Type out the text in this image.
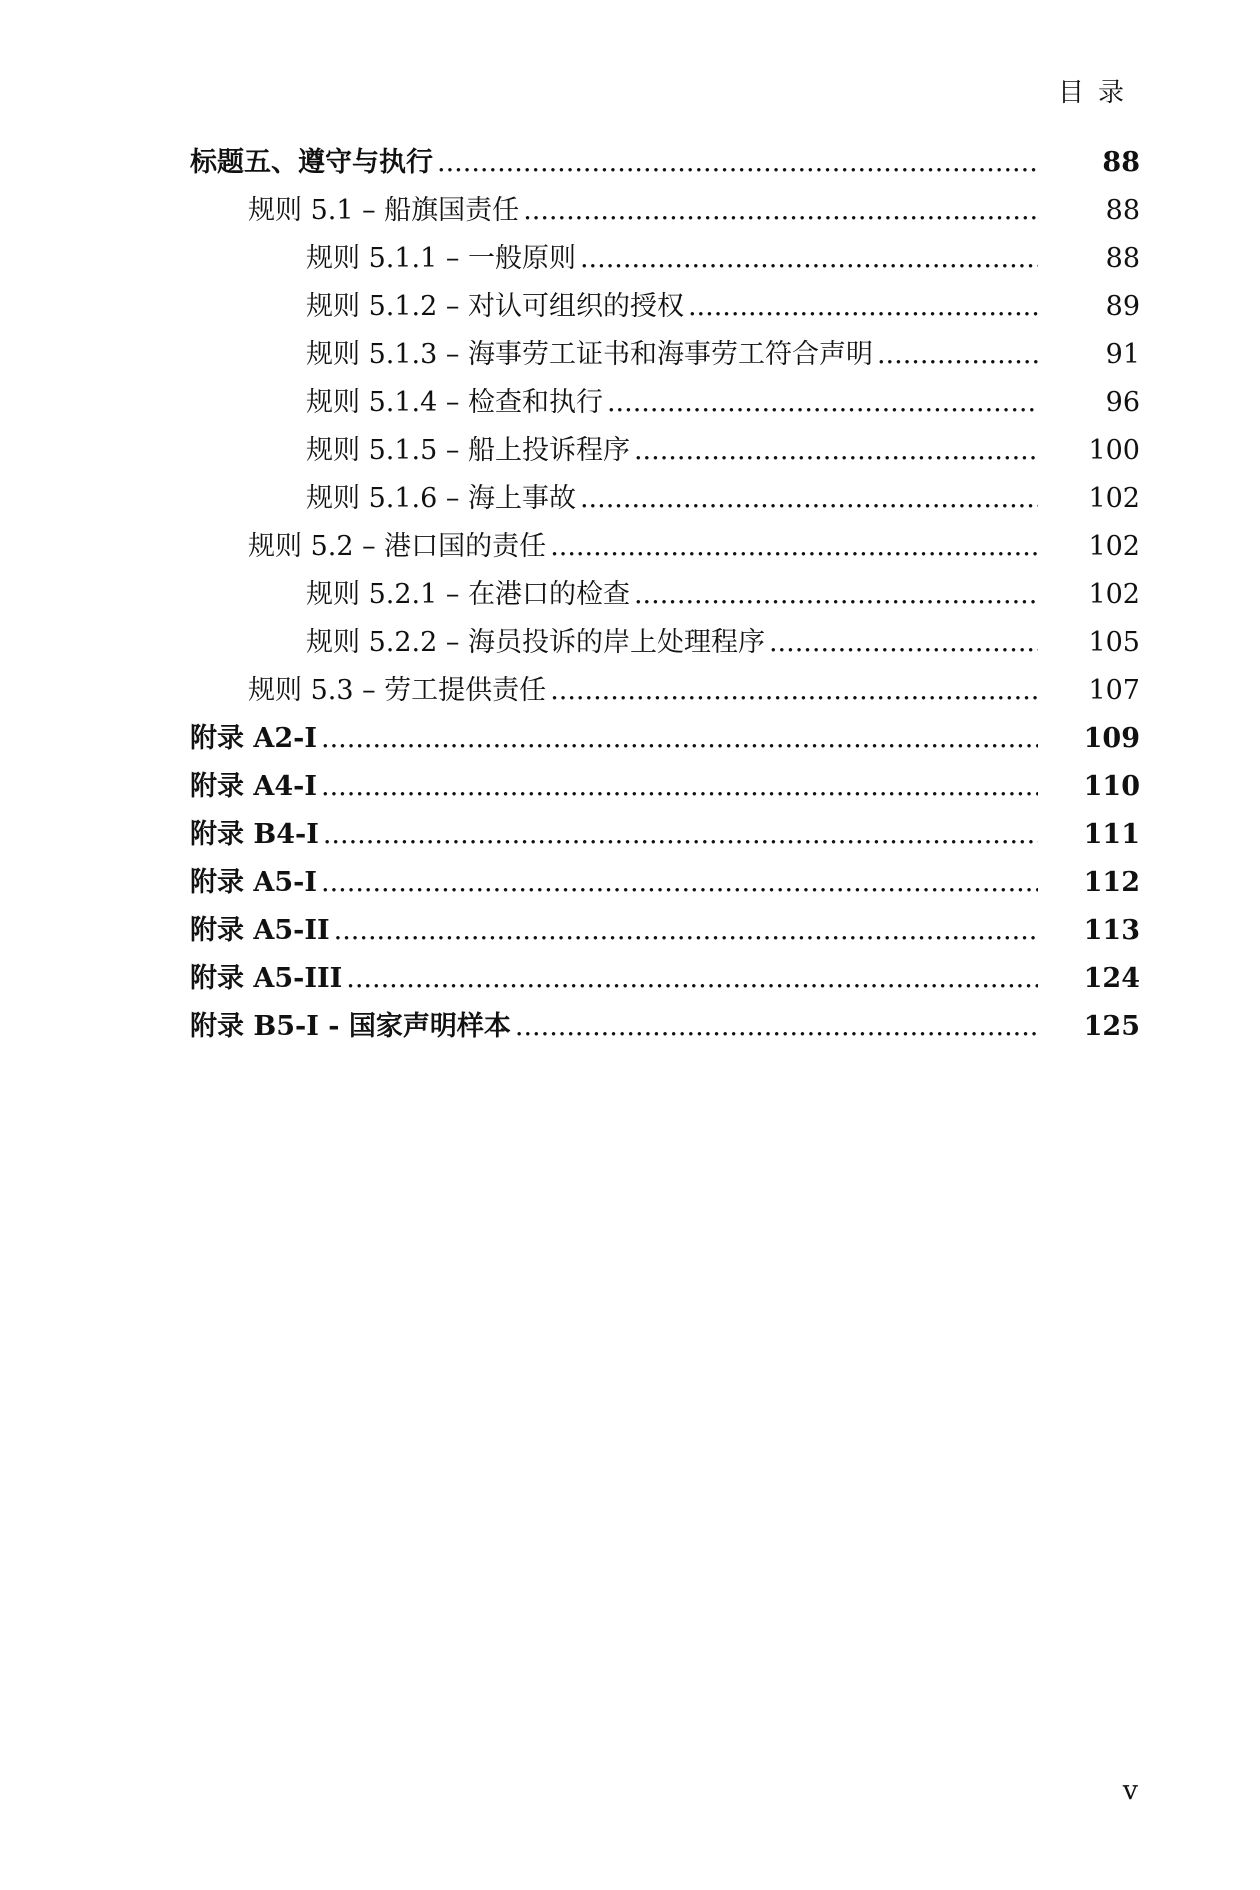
目录
标题五、遵守与执行 .....	88
规则 5.1 – 船旗国责任 .....	88
规则 5.1.1 – 一般原则 .....	88
规则 5.1.2 – 对认可组织的授权 .....	89
规则 5.1.3 – 海事劳工证书和海事劳工符合声明 .....	91
规则 5.1.4 – 检查和执行 .....	96
规则 5.1.5 – 船上投诉程序 .....	100
规则 5.1.6 – 海上事故 .....	102
规则 5.2 – 港口国的责任 .....	102
规则 5.2.1 – 在港口的检查 .....	102
规则 5.2.2 – 海员投诉的岸上处理程序 .....	105
规则 5.3 – 劳工提供责任 .....	107
附录 A2-I .....	109
附录 A4-I .....	110
附录 B4-I .....	111
附录 A5-I .....	112
附录 A5-II .....	113
附录 A5-III .....	124
附录 B5-I - 国家声明样本 .....	125
v
